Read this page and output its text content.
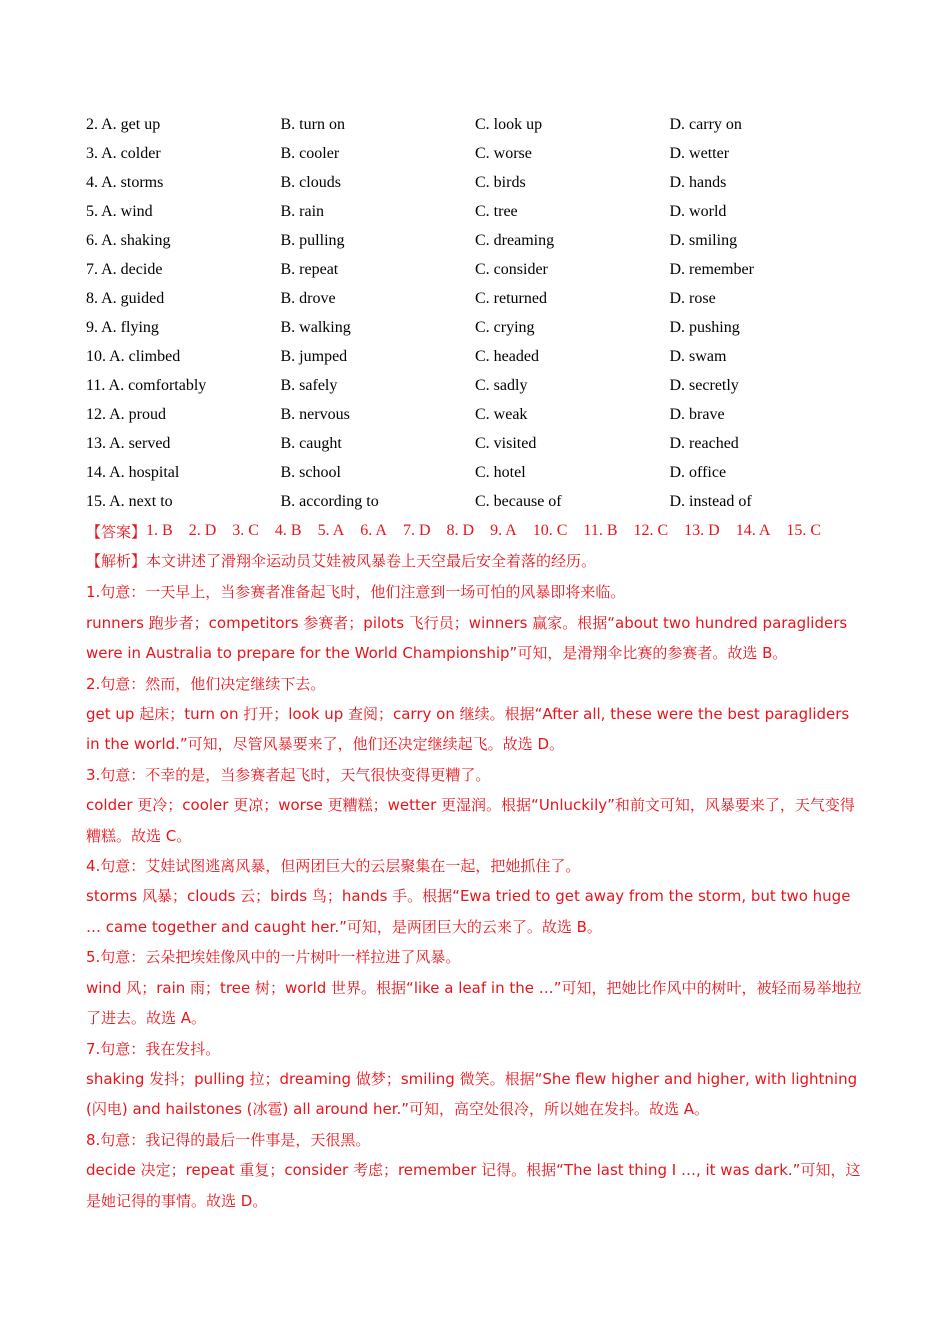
2. A. get up	B. turn on	C. look up	D. carry on
3. A. colder	B. cooler	C. worse	D. wetter
4. A. storms	B. clouds	C. birds	D. hands
5. A. wind	B. rain	C. tree	D. world
6. A. shaking	B. pulling	C. dreaming	D. smiling
7. A. decide	B. repeat	C. consider	D. remember
8. A. guided	B. drove	C. returned	D. rose
9. A. flying	B. walking	C. crying	D. pushing
10. A. climbed	B. jumped	C. headed	D. swam
11. A. comfortably	B. safely	C. sadly	D. secretly
12. A. proud	B. nervous	C. weak	D. brave
13. A. served	B. caught	C. visited	D. reached
14. A. hospital	B. school	C. hotel	D. office
15. A. next to	B. according to	C. because of	D. instead of
【答案】 1. B 2. D 3. C 4. B 5. A 6. A 7. D 8. D 9. A 10. C 11. B 12. C 13. D 14. A 15. C

【解析】本文讲述了滑翔伞运动员艾娃被风暴卷上天空最后安全着落的经历。

1.句意：一天早上，当参赛者准备起飞时，他们注意到一场可怕的风暴即将来临。

runners 跑步者；competitors 参赛者；pilots 飞行员；winners 赢家。根据“about two hundred paragliders were in Australia to prepare for the World Championship”可知，是滑翔伞比赛的参赛者。故选 B。

2.句意：然而，他们决定继续下去。

get up 起床；turn on 打开；look up 查阅；carry on 继续。根据“After all, these were the best paragliders in the world.”可知，尽管风暴要来了，他们还决定继续起飞。故选 D。

3.句意：不幸的是，当参赛者起飞时，天气很快变得更糟了。

colder 更冷；cooler 更凉；worse 更糟糕；wetter 更湿润。根据“Unluckily”和前文可知，风暴要来了，天气变得糟糕。故选 C。

4.句意：艾娃试图逃离风暴，但两团巨大的云层聚集在一起，把她抓住了。

storms 风暴；clouds 云；birds 鸟；hands 手。根据“Ewa tried to get away from the storm, but two huge … came together and caught her.”可知，是两团巨大的云来了。故选 B。

5.句意：云朵把埃娃像风中的一片树叶一样拉进了风暴。

wind 风；rain 雨；tree 树；world 世界。根据“like a leaf in the …”可知，把她比作风中的树叶，被轻而易举地拉了进去。故选 A。

7.句意：我在发抖。

shaking 发抖；pulling 拉；dreaming 做梦；smiling 微笑。根据“She flew higher and higher, with lightning (闪电) and hailstones (冰雹) all around her.”可知，高空处很冷，所以她在发抖。故选 A。

8.句意：我记得的最后一件事是，天很黑。

decide 决定；repeat 重复；consider 考虑；remember 记得。根据“The last thing I …, it was dark.”可知，这是她记得的事情。故选 D。
